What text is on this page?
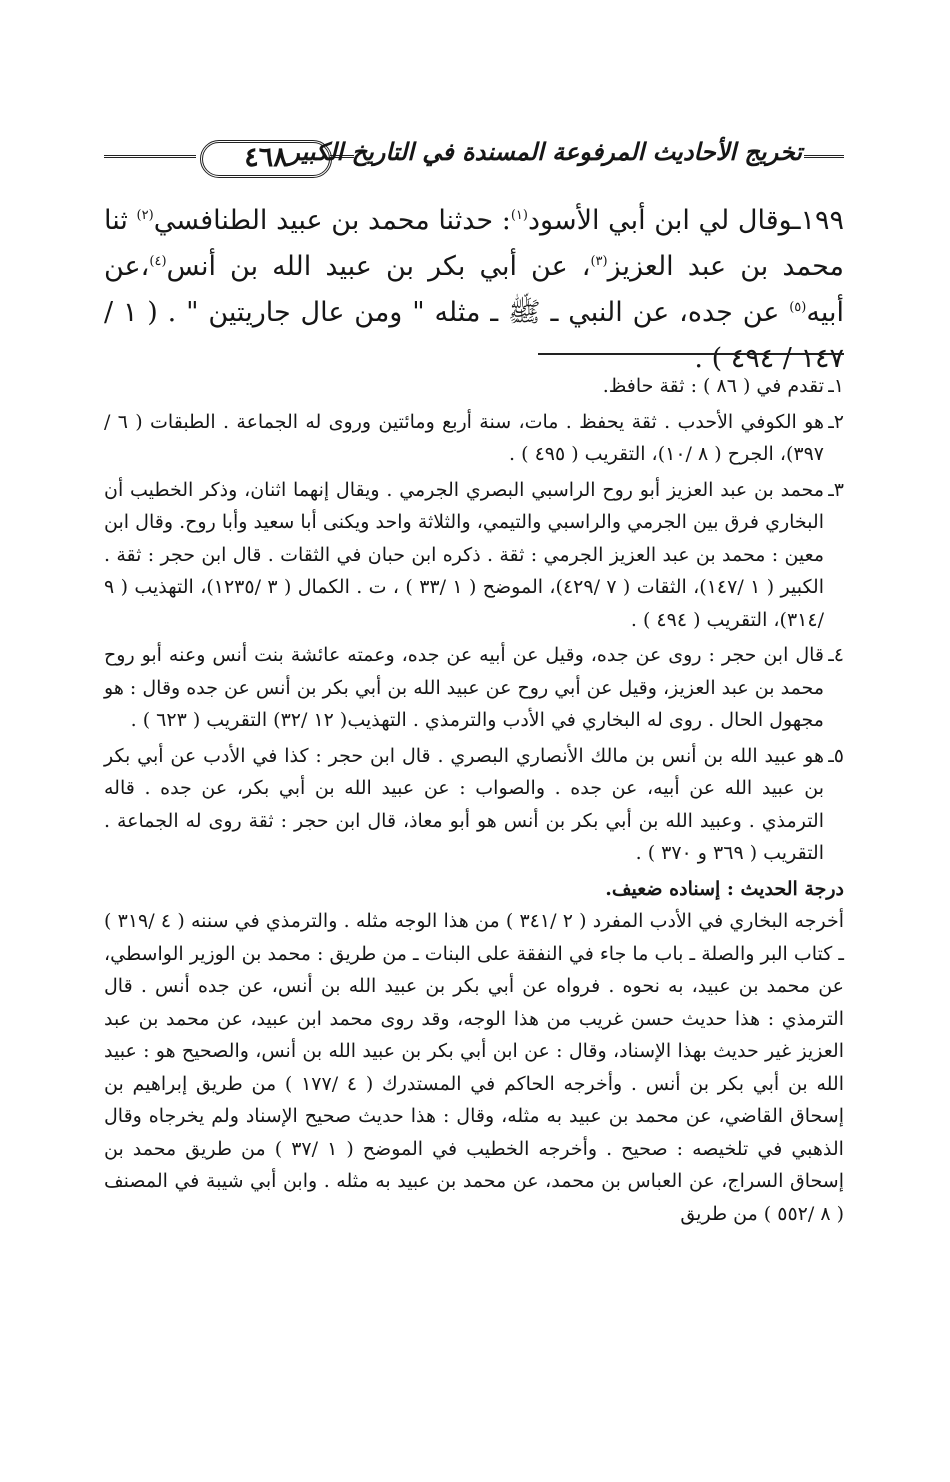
٤٦٨ تخريج الأحاديث المرفوعة المسندة في التاريخ الكبير
١٩٩ـوقال لي ابن أبي الأسود$^{(١)}$: حدثنا محمد بن عبيد الطنافسي$^{(٢)}$ ثنا محمد بن عبد العزيز$^{(٣)}$، عن أبي بكر بن عبيد الله بن أنس$^{(٤)}$،عن أبيه$^{(٥)}$ عن جده، عن النبي ـ ﷺ ـ مثله " ومن عال جاريتين " . ( ١ /١٤٧ / ٤٩٤ ) .
١ـ
تقدم في ( ٨٦ ) : ثقة حافظ.
٢ـ
هو الكوفي الأحدب . ثقة يحفظ . مات، سنة أربع ومائتين وروى له الجماعة . الطبقات ( ٦ /٣٩٧)، الجرح ( ٨ /١٠)، التقريب ( ٤٩٥ ) .
٣ـ
محمد بن عبد العزيز أبو روح الراسبي البصري الجرمي . ويقال إنهما اثنان، وذكر الخطيب أن البخاري فرق بين الجرمي والراسبي والتيمي، والثلاثة واحد ويكنى أبا سعيد وأبا روح. وقال ابن معين : محمد بن عبد العزيز الجرمي : ثقة . ذكره ابن حبان في الثقات . قال ابن حجر : ثقة . الكبير ( ١ /١٤٧)، الثقات ( ٧ /٤٢٩)، الموضح ( ١ /٣٣ ) ، ت . الكمال ( ٣ /١٢٣٥)، التهذيب ( ٩ /٣١٤)، التقريب ( ٤٩٤ ) .
٤ـ
قال ابن حجر : روى عن جده، وقيل عن أبيه عن جده، وعمته عائشة بنت أنس وعنه أبو روح محمد بن عبد العزيز، وقيل عن أبي روح عن عبيد الله بن أبي بكر بن أنس عن جده وقال : هو مجهول الحال . روى له البخاري في الأدب والترمذي . التهذيب( ١٢ /٣٢) التقريب ( ٦٢٣ ) .
٥ـ
هو عبيد الله بن أنس بن مالك الأنصاري البصري . قال ابن حجر : كذا في الأدب عن أبي بكر بن عبيد الله عن أبيه، عن جده . والصواب : عن عبيد الله بن أبي بكر، عن جده . قاله الترمذي . وعبيد الله بن أبي بكر بن أنس هو أبو معاذ، قال ابن حجر : ثقة روى له الجماعة . التقريب ( ٣٦٩ و ٣٧٠ ) .

درجة الحديث : إسناده ضعيف.

أخرجه البخاري في الأدب المفرد ( ٢ /٣٤١ ) من هذا الوجه مثله . والترمذي في سننه ( ٤ /٣١٩ ) ـ كتاب البر والصلة ـ باب ما جاء في النفقة على البنات ـ من طريق : محمد بن الوزير الواسطي، عن محمد بن عبيد، به نحوه . فرواه عن أبي بكر بن عبيد الله بن أنس، عن جده أنس . قال الترمذي : هذا حديث حسن غريب من هذا الوجه، وقد روى محمد ابن عبيد، عن محمد بن عبد العزيز غير حديث بهذا الإسناد، وقال : عن ابن أبي بكر بن عبيد الله بن أنس، والصحيح هو : عبيد الله بن أبي بكر بن أنس . وأخرجه الحاكم في المستدرك ( ٤ /١٧٧ ) من طريق إبراهيم بن إسحاق القاضي، عن محمد بن عبيد به مثله، وقال : هذا حديث صحيح الإسناد ولم يخرجاه وقال الذهبي في تلخيصه : صحيح . وأخرجه الخطيب في الموضح ( ١ /٣٧ ) من طريق محمد بن إسحاق السراج، عن العباس بن محمد، عن محمد بن عبيد به مثله . وابن أبي شيبة في المصنف ( ٨ /٥٥٢ ) من طريق
